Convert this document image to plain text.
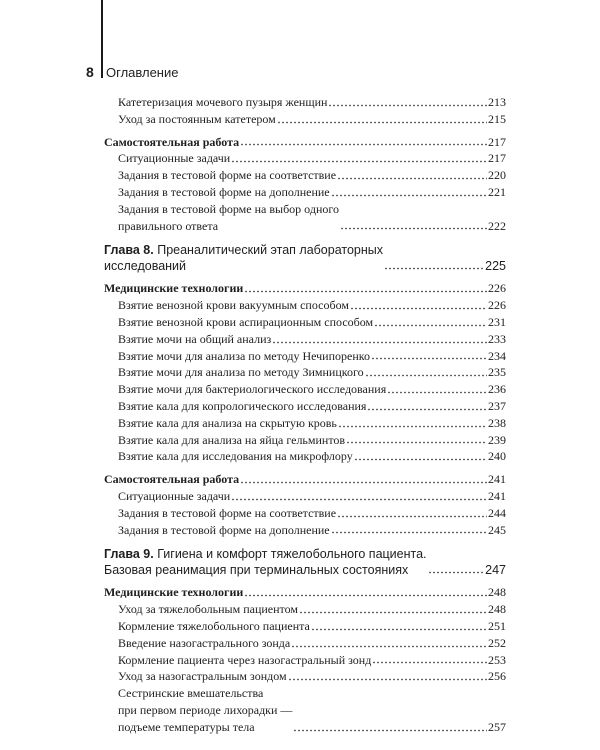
8 Оглавление
Катетеризация мочевого пузыря женщин	213
Уход за постоянным катетером	215
Самостоятельная работа	217
Ситуационные задачи	217
Задания в тестовой форме на соответствие	220
Задания в тестовой форме на дополнение	221
Задания в тестовой форме на выбор одного
правильного ответа	222
Глава 8. Преаналитический этап лабораторных
исследований	225
Медицинские технологии	226
Взятие венозной крови вакуумным способом	226
Взятие венозной крови аспирационным способом	231
Взятие мочи на общий анализ	233
Взятие мочи для анализа по методу Нечипоренко	234
Взятие мочи для анализа по методу Зимницкого	235
Взятие мочи для бактериологического исследования	236
Взятие кала для копрологического исследования	237
Взятие кала для анализа на скрытую кровь	238
Взятие кала для анализа на яйца гельминтов	239
Взятие кала для исследования на микрофлору	240
Самостоятельная работа	241
Ситуационные задачи	241
Задания в тестовой форме на соответствие	244
Задания в тестовой форме на дополнение	245
Глава 9. Гигиена и комфорт тяжелобольного пациента.
Базовая реанимация при терминальных состояниях	247
Медицинские технологии	248
Уход за тяжелобольным пациентом	248
Кормление тяжелобольного пациента	251
Введение назогастрального зонда	252
Кормление пациента через назогастральный зонд	253
Уход за назогастральным зондом	256
Сестринские вмешательства
при первом периоде лихорадки —
подъеме температуры тела	257
